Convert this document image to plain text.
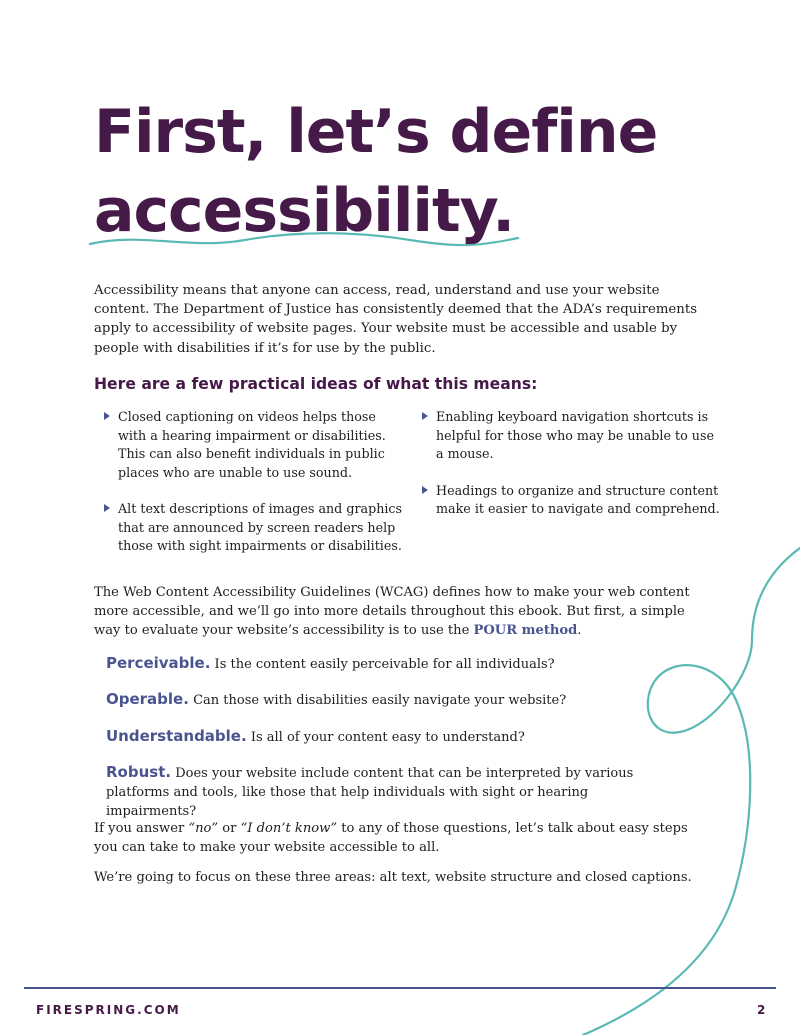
First, let’s define
accessibility.

Accessibility means that anyone can access, read, understand and use your website content. The Department of Justice has consistently deemed that the ADA’s requirements apply to accessibility of website pages. Your website must be accessible and usable by people with disabilities if it’s for use by the public.

Here are a few practical ideas of what this means:
Closed captioning on videos helps those with a hearing impairment or disabilities. This can also benefit individuals in public places who are unable to use sound.
Alt text descriptions of images and graphics that are announced by screen readers help those with sight impairments or disabilities.
Enabling keyboard navigation shortcuts is helpful for those who may be unable to use a mouse.
Headings to organize and structure content make it easier to navigate and comprehend.

The Web Content Accessibility Guidelines (WCAG) defines how to make your web content more accessible, and we’ll go into more details throughout this ebook. But first, a simple way to evaluate your website’s accessibility is to use the POUR method.

Perceivable. Is the content easily perceivable for all individuals?

Operable. Can those with disabilities easily navigate your website?

Understandable. Is all of your content easy to understand?

Robust. Does your website include content that can be interpreted by various platforms and tools, like those that help individuals with sight or hearing impairments?

If you answer “no” or “I don’t know” to any of those questions, let’s talk about easy steps you can take to make your website accessible to all.

We’re going to focus on these three areas: alt text, website structure and closed captions.

FIRESPRING.COM	2
